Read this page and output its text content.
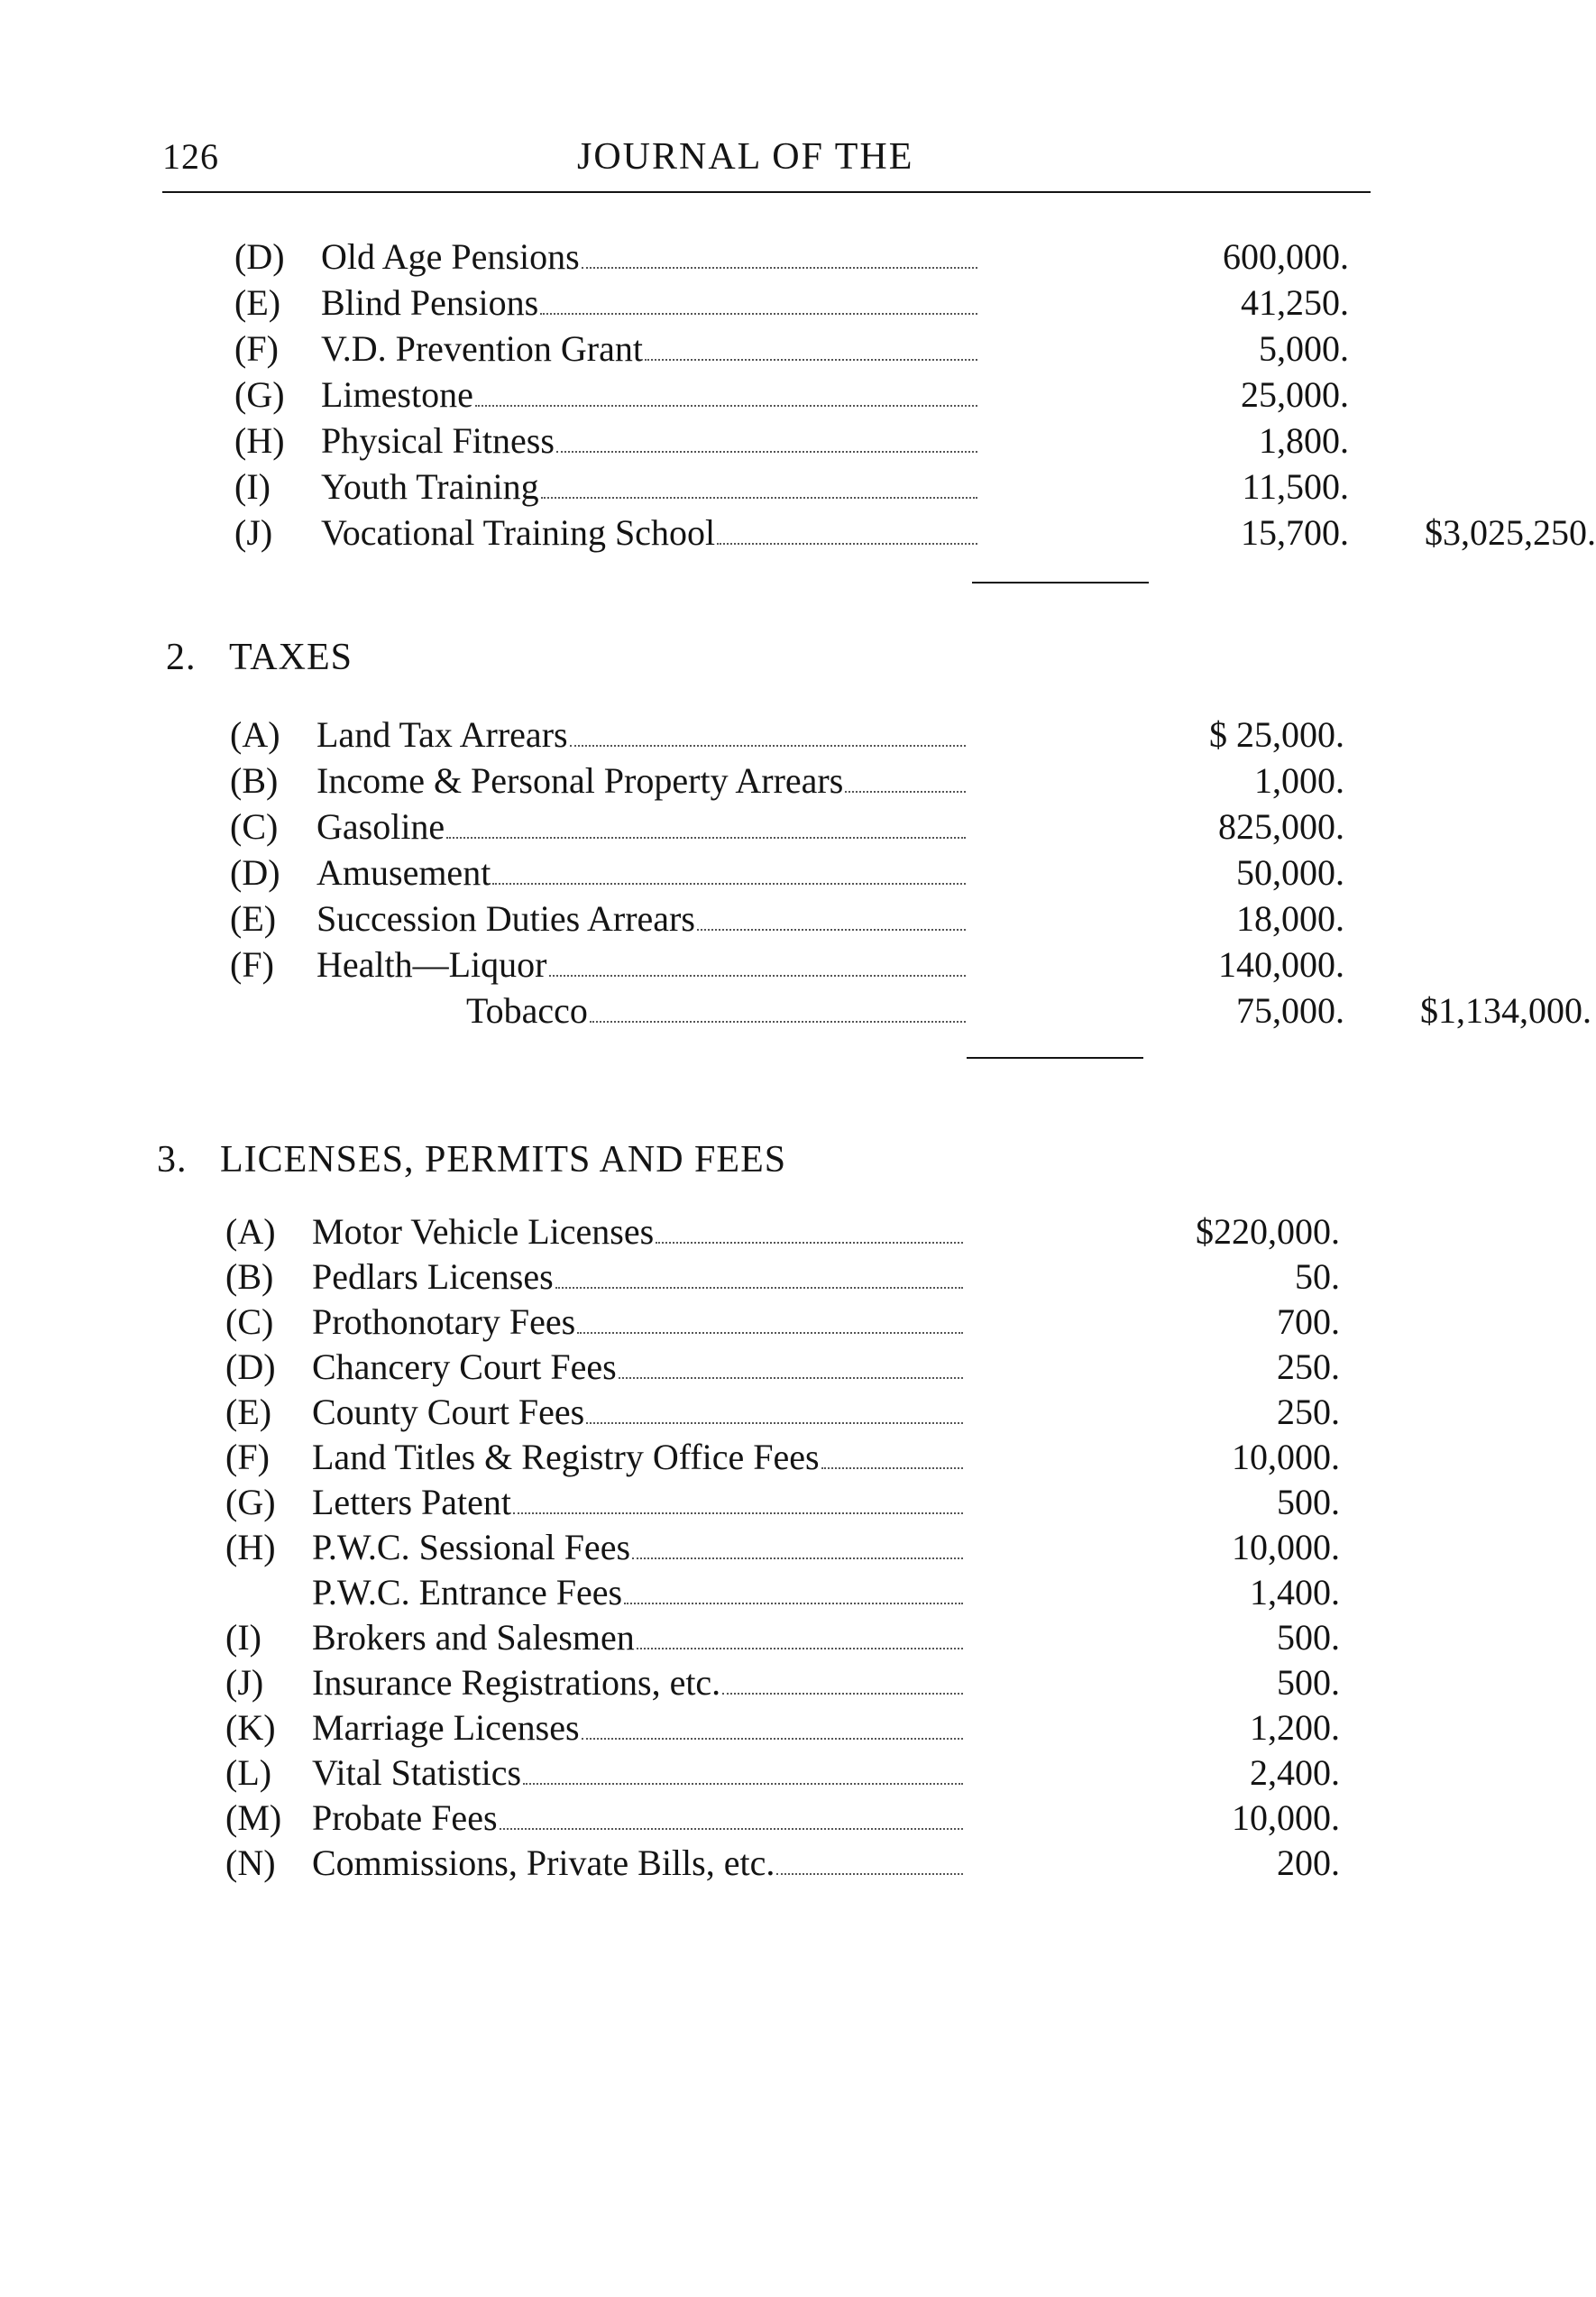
126	JOURNAL OF THE
(D) Old Age Pensions	600,000.
(E) Blind Pensions	41,250.
(F) V.D. Prevention Grant	5,000.
(G) Limestone	25,000.
(H) Physical Fitness	1,800.
(I) Youth Training	11,500.
(J) Vocational Training School	15,700.	$3,025,250.
2. TAXES
(A) Land Tax Arrears	$ 25,000.
(B) Income & Personal Property Arrears	1,000.
(C) Gasoline	825,000.
(D) Amusement	50,000.
(E) Succession Duties Arrears	18,000.
(F) Health—Liquor	140,000.
Tobacco	75,000.	$1,134,000.
3. LICENSES, PERMITS AND FEES
(A) Motor Vehicle Licenses	$220,000.
(B) Pedlars Licenses	50.
(C) Prothonotary Fees	700.
(D) Chancery Court Fees	250.
(E) County Court Fees	250.
(F) Land Titles & Registry Office Fees	10,000.
(G) Letters Patent	500.
(H) P.W.C. Sessional Fees	10,000.
P.W.C. Entrance Fees	1,400.
(I) Brokers and Salesmen	500.
(J) Insurance Registrations, etc.	500.
(K) Marriage Licenses	1,200.
(L) Vital Statistics	2,400.
(M) Probate Fees	10,000.
(N) Commissions, Private Bills, etc.	200.
